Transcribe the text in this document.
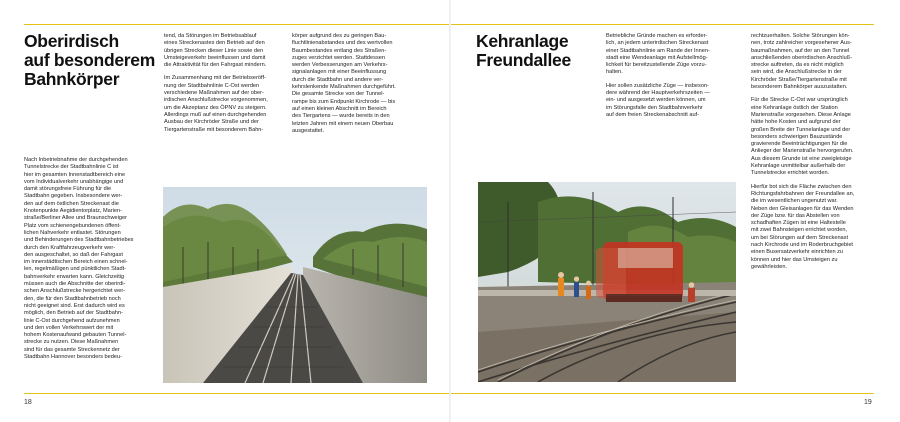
Oberirdisch
auf besonderem
Bahnkörper

Nach Inbetriebnahme der durchgehenden
Tunnelstrecke der Stadtbahnlinie C ist
hier im gesamten Innenstadtbereich eine
vom Individualverkehr unabhängige und
damit störungsfreie Führung für die
Stadtbahn gegeben. Insbesondere wer-
den auf dem östlichen Streckenast die
Knotenpunkte Aegidientorplatz, Marien-
straße/Berliner Allee und Braunschweiger
Platz vom schienengebundenen öffent-
lichen Nahverkehr entlastet. Störungen
und Behinderungen des Stadtbahnbetriebes
durch den Kraftfahrzeugverkehr wer-
den ausgeschaltet, so daß der Fahrgast
im innerstädtischen Bereich einen schnel-
len, regelmäßigen und pünktlichen Stadt-
bahnverkehr erwarten kann. Gleichzeitig
müssen auch die Abschnitte der oberirdi-
schen Anschlußstrecke hergerichtet wer-
den, die für den Stadtbahnbetrieb noch
nicht geeignet sind. Erst dadurch wird es
möglich, den Betrieb auf der Stadtbahn-
linie C-Ost durchgehend aufzunehmen
und den vollen Verkehrswert der mit
hohem Kostenaufwand gebauten Tunnel-
strecke zu nutzen. Diese Maßnahmen
sind für das gesamte Streckennetz der
Stadtbahn Hannover besonders bedeu-

tend, da Störungen im Betriebsablauf
eines Streckenastes den Betrieb auf den
übrigen Strecken dieser Linie sowie den
Umsteigeverkehr beeinflussen und damit
die Attraktivität für den Fahrgast mindern.

Im Zusammenhang mit der Betriebseröff-
nung der Stadtbahnlinie C-Ost werden
verschiedene Maßnahmen auf der ober-
irdischen Anschlußstrecke vorgenommen,
um die Akzeptanz des ÖPNV zu steigern.
Allerdings muß auf einen durchgehenden
Ausbau der Kirchröder Straße und der
Tiergartenstraße mit besonderem Bahn-

körper aufgrund des zu geringen Bau-
fluchtlinienabstandes und des wertvollen
Baumbestandes entlang des Straßen-
zuges verzichtet werden. Stattdessen
werden Verbesserungen am Verkehrs-
signalanlagen mit einer Beeinflussung
durch die Stadtbahn und andere ver-
kehrslenkende Maßnahmen durchgeführt.
Die gesamte Strecke von der Tunnel-
rampe bis zum Endpunkt Kirchrode — bis
auf einen kleinen Abschnitt im Bereich
des Tiergartens — wurde bereits in den
letzten Jahren mit einem neuen Oberbau
ausgestattet.

18
Kehranlage
Freundallee

Betriebliche Gründe machen es erforder-
lich, an jedem unterirdischen Streckenast
einer Stadtbahnlinie am Rande der Innen-
stadt eine Wendeanlage mit Aufstellmög-
lichkeit für bereitzustellende Züge vorzu-
halten.

Hier sollen zusätzliche Züge — insbeson-
dere während der Hauptverkehrszeiten —
ein- und ausgesetzt werden können, um
im Störungsfalle den Stadtbahnverkehr
auf dem freien Streckenabschnitt auf-

rechtzuerhalten. Solche Störungen kön-
nen, trotz zahlreicher vorgesehener Aus-
baumaßnahmen, auf der an den Tunnel
anschließenden oberirdischen Anschluß-
strecke auftreten, da es nicht möglich
sein wird, die Anschlußstrecke in der
Kirchröder Straße/Tiergartenstraße mit
besonderem Bahnkörper auszustatten.

Für die Strecke C-Ost war ursprünglich
eine Kehranlage östlich der Station
Marienstraße vorgesehen. Diese Anlage
hätte hohe Kosten und aufgrund der
großen Breite der Tunnelanlage und der
besonders schwierigen Bauzustände
gravierende Beeinträchtigungen für die
Anlieger der Marienstraße hervorgerufen.
Aus diesem Grunde ist eine zweigleisige
Kehranlage unmittelbar außerhalb der
Tunnelstrecke errichtet worden.

Hierfür bot sich die Fläche zwischen den
Richtungsfahrbahnen der Freundallee an,
die im wesentlichen ungenutzt war.
Neben den Gleisanlagen für das Wenden
der Züge bzw. für das Abstellen von
schadhaften Zügen ist eine Haltestelle
mit zwei Bahnsteigen errichtet worden,
um bei Störungen auf dem Streckenast
nach Kirchrode und im Roderbruchgebiet
einen Busersatzverkehr einrichten zu
können und hier das Umsteigen zu
gewährleisten.

19
